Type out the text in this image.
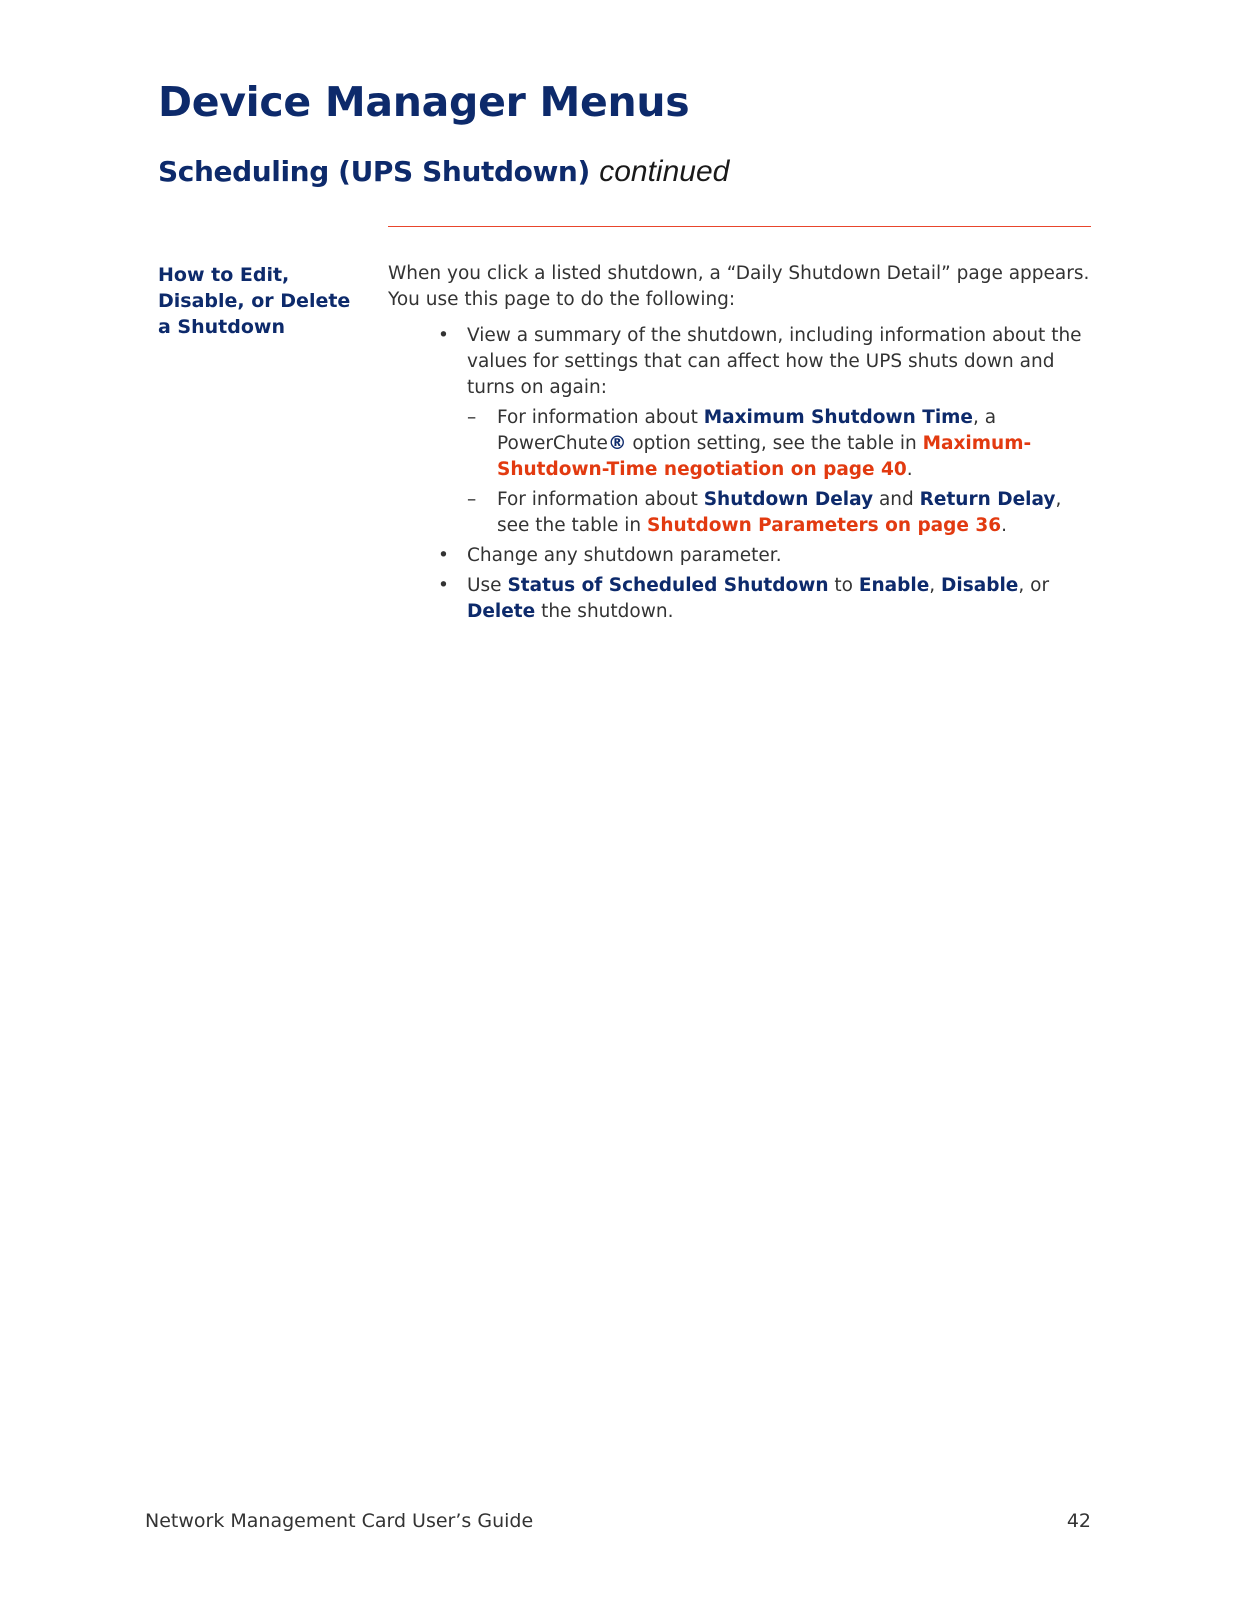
Device Manager Menus
Scheduling (UPS Shutdown) continued
How to Edit, Disable, or Delete a Shutdown

When you click a listed shutdown, a “Daily Shutdown Detail” page appears. You use this page to do the following:

• View a summary of the shutdown, including information about the values for settings that can affect how the UPS shuts down and turns on again:
– For information about Maximum Shutdown Time, a PowerChute® option setting, see the table in Maximum-Shutdown-Time negotiation on page 40.
– For information about Shutdown Delay and Return Delay, see the table in Shutdown Parameters on page 36.
• Change any shutdown parameter.
• Use Status of Scheduled Shutdown to Enable, Disable, or Delete the shutdown.
Network Management Card User’s Guide	42
